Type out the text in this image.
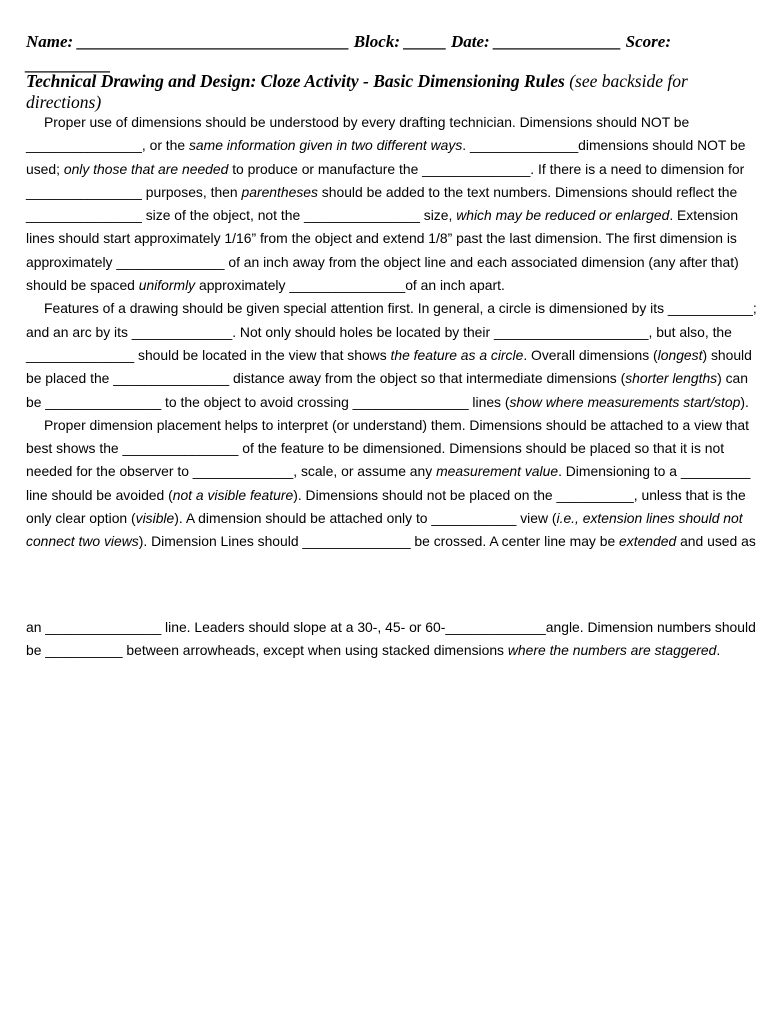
Name: ________________________________ Block: _____ Date: _______________ Score:
__________
Technical Drawing and Design: Cloze Activity - Basic Dimensioning Rules (see backside for
directions)
Proper use of dimensions should be understood by every drafting technician. Dimensions should NOT be
_______________, or the same information given in two different ways. ______________dimensions should NOT be
used; only those that are needed to produce or manufacture the ______________. If there is a need to dimension for
_______________ purposes, then parentheses should be added to the text numbers. Dimensions should reflect the
_______________ size of the object, not the _______________ size, which may be reduced or enlarged. Extension
lines should start approximately 1/16” from the object and extend 1/8” past the last dimension. The first dimension is
approximately ______________ of an inch away from the object line and each associated dimension (any after that)
should be spaced uniformly approximately _______________of an inch apart.
Features of a drawing should be given special attention first. In general, a circle is dimensioned by its ___________;
and an arc by its _____________. Not only should holes be located by their ____________________, but also, the
______________ should be located in the view that shows the feature as a circle. Overall dimensions (longest) should
be placed the _______________ distance away from the object so that intermediate dimensions (shorter lengths) can
be _______________ to the object to avoid crossing _______________ lines (show where measurements start/stop).
Proper dimension placement helps to interpret (or understand) them. Dimensions should be attached to a view that
best shows the _______________ of the feature to be dimensioned. Dimensions should be placed so that it is not
needed for the observer to _____________, scale, or assume any measurement value. Dimensioning to a _________
line should be avoided (not a visible feature). Dimensions should not be placed on the __________, unless that is the
only clear option (visible). A dimension should be attached only to ___________ view (i.e., extension lines should not
connect two views). Dimension Lines should ______________ be crossed. A center line may be extended and used as
an _______________ line. Leaders should slope at a 30-, 45- or 60-_____________angle. Dimension numbers should
be __________ between arrowheads, except when using stacked dimensions where the numbers are staggered.
